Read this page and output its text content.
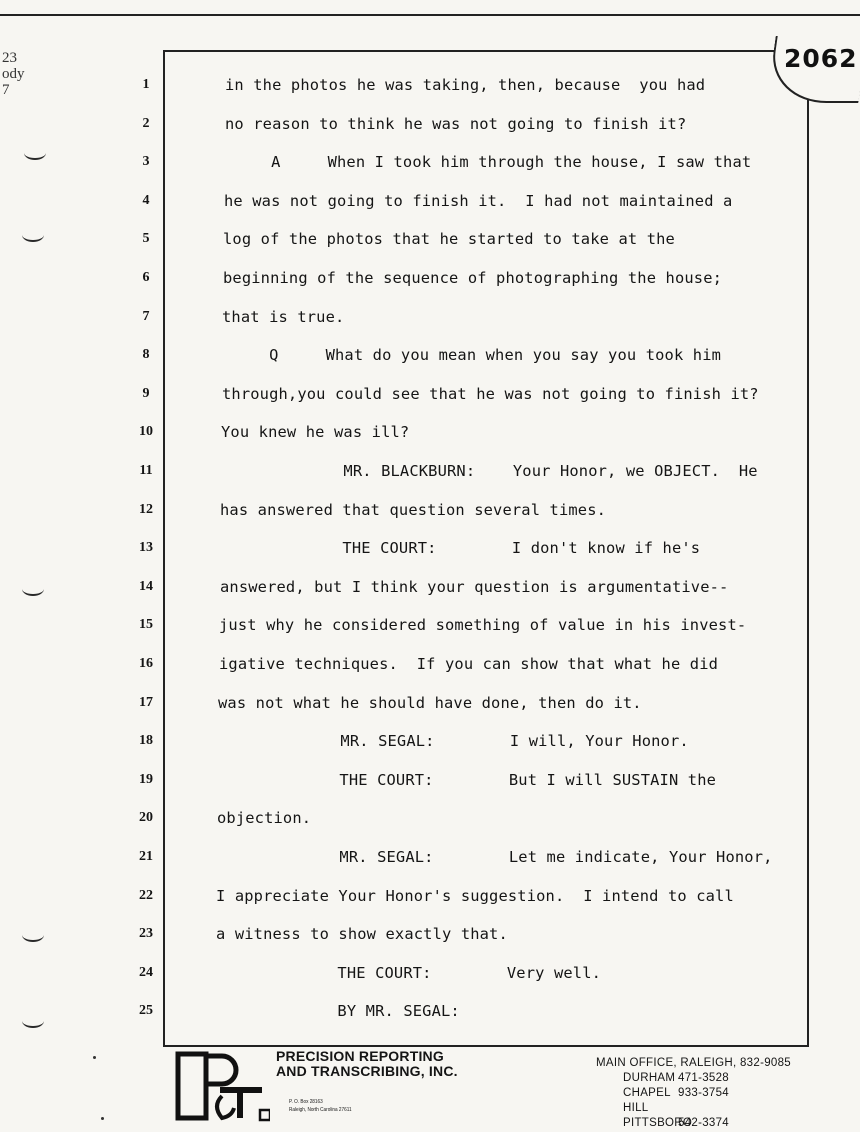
23
ody
7
2062
1	in the photos he was taking, then, because  you had
2	no reason to think he was not going to finish it?
3	A     When I took him through the house, I saw that
4	he was not going to finish it.  I had not maintained a
5	log of the photos that he started to take at the
6	beginning of the sequence of photographing the house;
7	that is true.
8	Q     What do you mean when you say you took him
9	through,you could see that he was not going to finish it?
10	You knew he was ill?
11	MR. BLACKBURN:    Your Honor, we OBJECT.  He
12	has answered that question several times.
13	THE COURT:        I don't know if he's
14	answered, but I think your question is argumentative--
15	just why he considered something of value in his invest-
16	igative techniques.  If you can show that what he did
17	was not what he should have done, then do it.
18	MR. SEGAL:        I will, Your Honor.
19	THE COURT:        But I will SUSTAIN the
20	objection.
21	MR. SEGAL:        Let me indicate, Your Honor,
22	I appreciate Your Honor's suggestion.  I intend to call
23	a witness to show exactly that.
24	THE COURT:        Very well.
25	BY MR. SEGAL:
PRECISION REPORTING
AND TRANSCRIBING, INC.
P. O. Box 28163
Raleigh, North Carolina 27611
MAIN OFFICE, RALEIGH, 832-9085
DURHAM 471-3528
CHAPEL HILL
933-3754
PITTSBORO
542-3374
